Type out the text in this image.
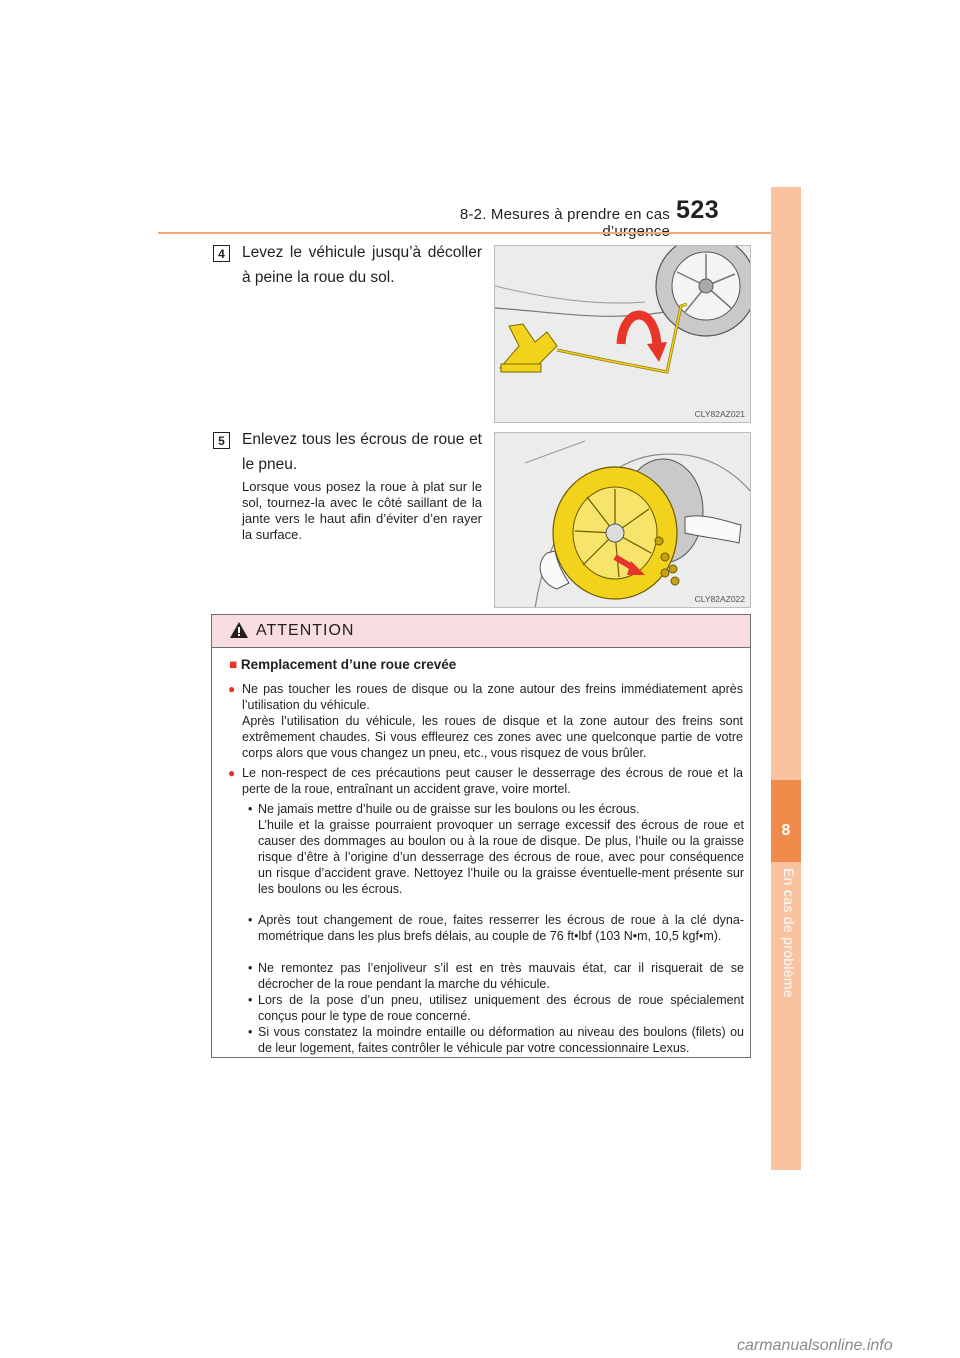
8-2. Mesures à prendre en cas 523
8
En cas de problème
4	Levez le véhicule jusqu’à décoller à peine la roue du sol.
CLY82AZ021
5	Enlevez tous les écrous de roue et le pneu.
Lorsque vous posez la roue à plat sur le sol, tournez-la avec le côté saillant de la jante vers le haut afin d’éviter d’en rayer la surface.
CLY82AZ022
ATTENTION
■ Remplacement d’une roue crevée
● Ne pas toucher les roues de disque ou la zone autour des freins immédiatement après l’utilisation du véhicule.
Après l’utilisation du véhicule, les roues de disque et la zone autour des freins sont extrêmement chaudes. Si vous effleurez ces zones avec une quelconque partie de votre corps alors que vous changez un pneu, etc., vous risquez de vous brûler.
● Le non-respect de ces précautions peut causer le desserrage des écrous de roue et la perte de la roue, entraînant un accident grave, voire mortel.
• Ne jamais mettre d’huile ou de graisse sur les boulons ou les écrous.
L’huile et la graisse pourraient provoquer un serrage excessif des écrous de roue et causer des dommages au boulon ou à la roue de disque. De plus, l’huile ou la graisse risque d’être à l’origine d’un desserrage des écrous de roue, avec pour conséquence un risque d’accident grave. Nettoyez l’huile ou la graisse éventuelle-ment présente sur les boulons ou les écrous.
• Après tout changement de roue, faites resserrer les écrous de roue à la clé dyna-mométrique dans les plus brefs délais, au couple de 76 ft•lbf (103 N•m, 10,5 kgf•m).
• Ne remontez pas l’enjoliveur s’il est en très mauvais état, car il risquerait de se décrocher de la roue pendant la marche du véhicule.
• Lors de la pose d’un pneu, utilisez uniquement des écrous de roue spécialement conçus pour le type de roue concerné.
• Si vous constatez la moindre entaille ou déformation au niveau des boulons (filets) ou de leur logement, faites contrôler le véhicule par votre concessionnaire Lexus.
carmanualsonline.info
